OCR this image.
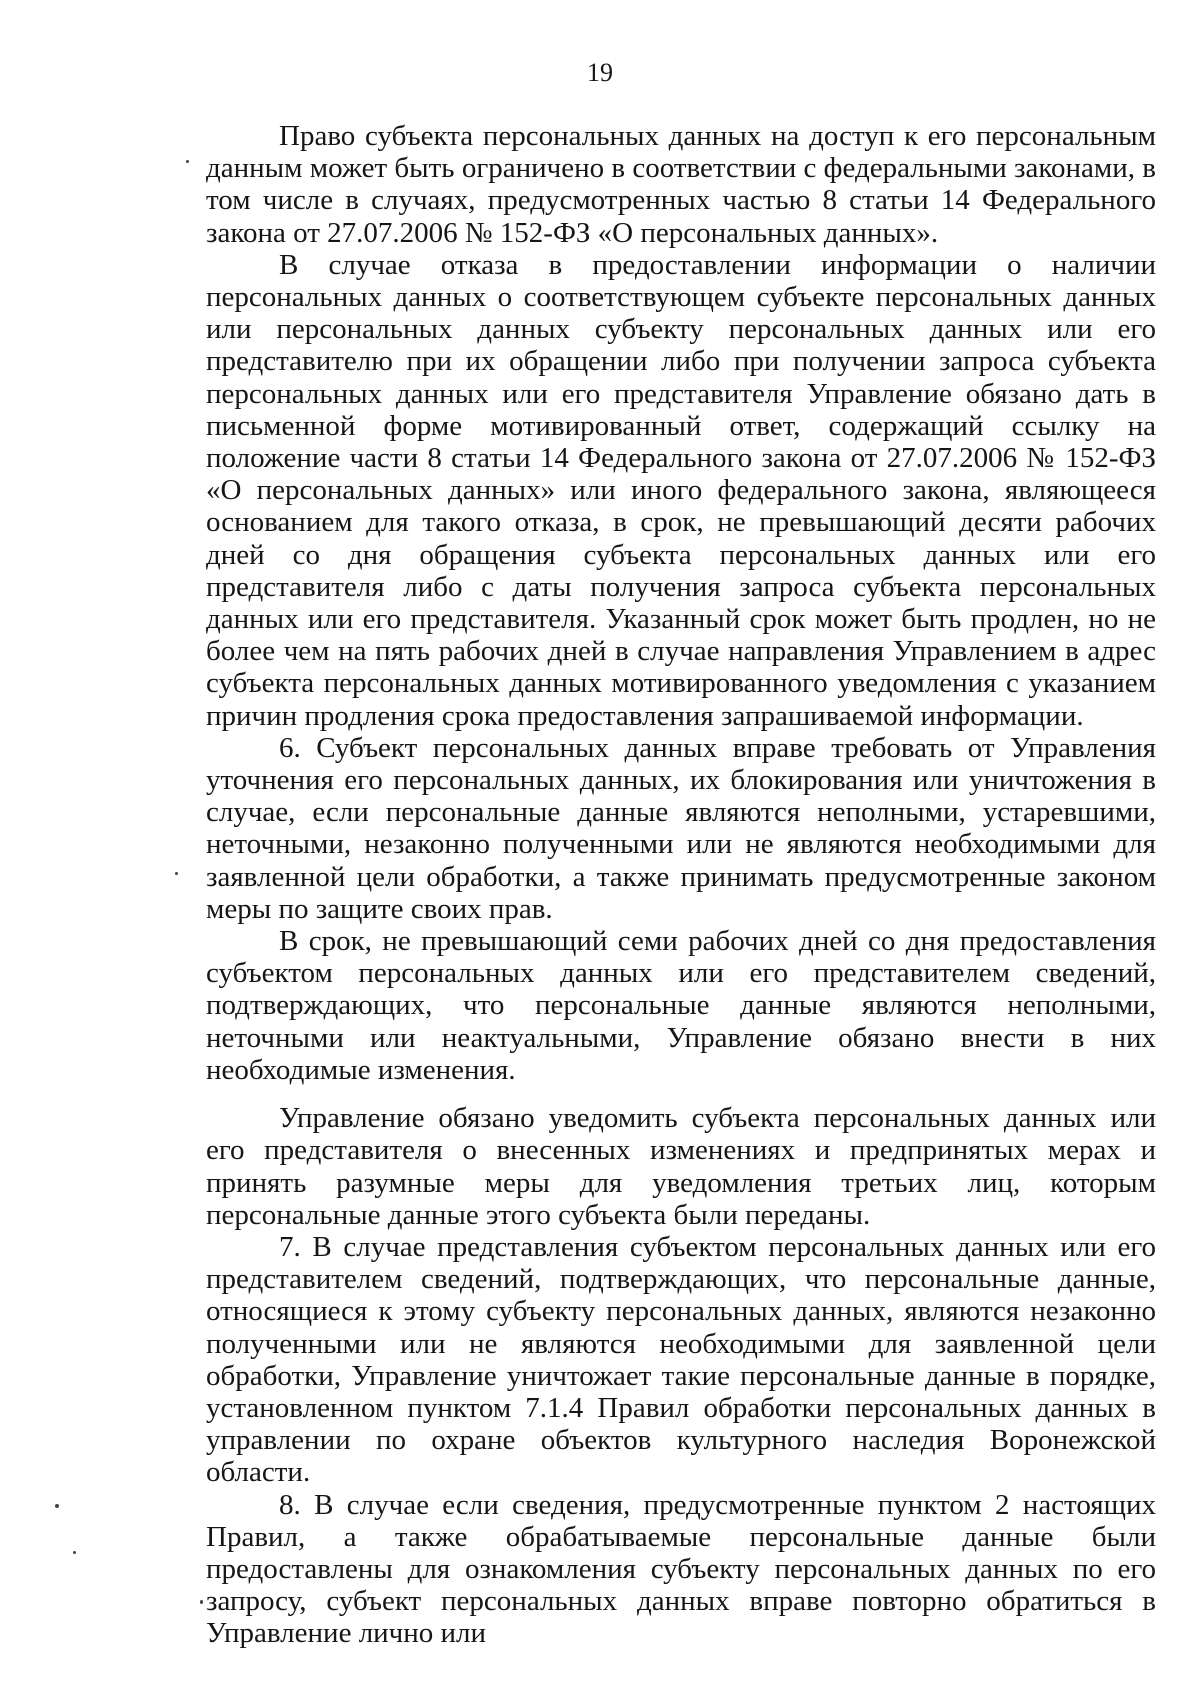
19

Право субъекта персональных данных на доступ к его персональным данным может быть ограничено в соответствии с федеральными законами, в том числе в случаях, предусмотренных частью 8 статьи 14 Федерального закона от 27.07.2006 № 152-ФЗ «О персональных данных».

В случае отказа в предоставлении информации о наличии персональных данных о соответствующем субъекте персональных данных или персональных данных субъекту персональных данных или его представителю при их обращении либо при получении запроса субъекта персональных данных или его представителя Управление обязано дать в письменной форме мотивированный ответ, содержащий ссылку на положение части 8 статьи 14 Федерального закона от 27.07.2006 № 152-ФЗ «О персональных данных» или иного федерального закона, являющееся основанием для такого отказа, в срок, не превышающий десяти рабочих дней со дня обращения субъекта персональных данных или его представителя либо с даты получения запроса субъекта персональных данных или его представителя. Указанный срок может быть продлен, но не более чем на пять рабочих дней в случае направления Управлением в адрес субъекта персональных данных мотивированного уведомления с указанием причин продления срока предоставления запрашиваемой информации.

6. Субъект персональных данных вправе требовать от Управления уточнения его персональных данных, их блокирования или уничтожения в случае, если персональные данные являются неполными, устаревшими, неточными, незаконно полученными или не являются необходимыми для заявленной цели обработки, а также принимать предусмотренные законом меры по защите своих прав.

В срок, не превышающий семи рабочих дней со дня предоставления субъектом персональных данных или его представителем сведений, подтверждающих, что персональные данные являются неполными, неточными или неактуальными, Управление обязано внести в них необходимые изменения.

Управление обязано уведомить субъекта персональных данных или его представителя о внесенных изменениях и предпринятых мерах и принять разумные меры для уведомления третьих лиц, которым персональные данные этого субъекта были переданы.

7. В случае представления субъектом персональных данных или его представителем сведений, подтверждающих, что персональные данные, относящиеся к этому субъекту персональных данных, являются незаконно полученными или не являются необходимыми для заявленной цели обработки, Управление уничтожает такие персональные данные в порядке, установленном пунктом 7.1.4 Правил обработки персональных данных в управлении по охране объектов культурного наследия Воронежской области.

8. В случае если сведения, предусмотренные пунктом 2 настоящих Правил, а также обрабатываемые персональные данные были предоставлены для ознакомления субъекту персональных данных по его запросу, субъект персональных данных вправе повторно обратиться в Управление лично или
